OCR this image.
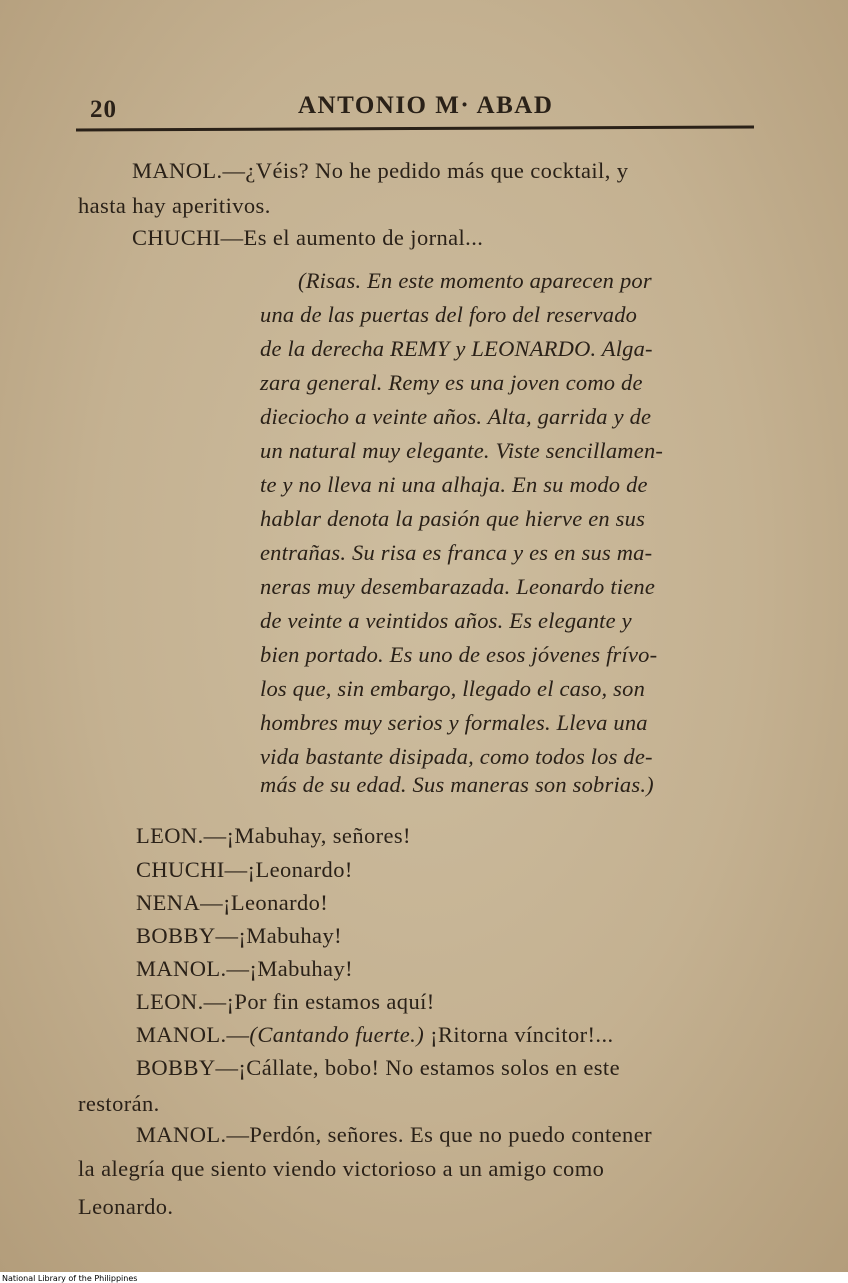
20	ANTONIO M· ABAD
MANOL.—¿Véis? No he pedido más que cocktail, y
hasta hay aperitivos.
CHUCHI—Es el aumento de jornal...
(Risas. En este momento aparecen por
una de las puertas del foro del reservado
de la derecha REMY y LEONARDO. Alga-
zara general. Remy es una joven como de
dieciocho a veinte años. Alta, garrida y de
un natural muy elegante. Viste sencillamen-
te y no lleva ni una alhaja. En su modo de
hablar denota la pasión que hierve en sus
entrañas. Su risa es franca y es en sus ma-
neras muy desembarazada. Leonardo tiene
de veinte a veintidos años. Es elegante y
bien portado. Es uno de esos jóvenes frívo-
los que, sin embargo, llegado el caso, son
hombres muy serios y formales. Lleva una
vida bastante disipada, como todos los de-
más de su edad. Sus maneras son sobrias.)
LEON.—¡Mabuhay, señores!
CHUCHI—¡Leonardo!
NENA—¡Leonardo!
BOBBY—¡Mabuhay!
MANOL.—¡Mabuhay!
LEON.—¡Por fin estamos aquí!
MANOL.—(Cantando fuerte.) ¡Ritorna víncitor!...
BOBBY—¡Cállate, bobo! No estamos solos en este
restorán.
MANOL.—Perdón, señores. Es que no puedo contener
la alegría que siento viendo victorioso a un amigo como
Leonardo.
National Library of the Philippines
